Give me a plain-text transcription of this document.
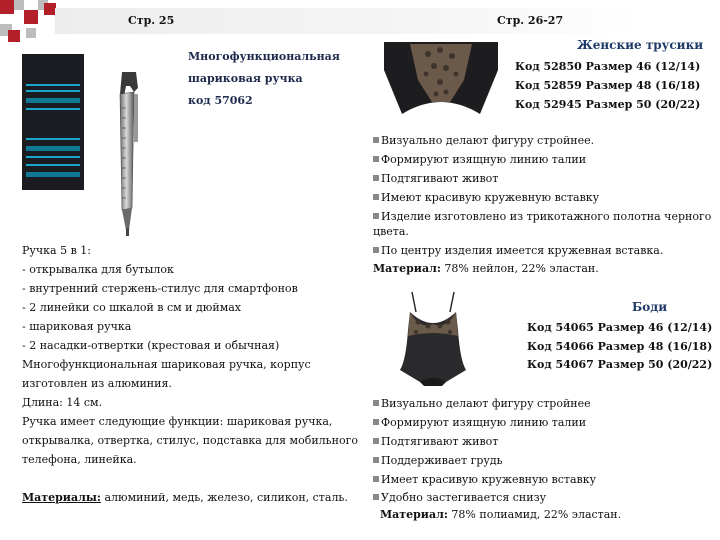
Стр. 25	Стр. 26-27
Многофункциональная
шариковая ручка
код 57062
Ручка 5 в 1:
- открывалка для бутылок
- внутренний стержень-стилус для смартфонов
- 2 линейки со шкалой в см и дюймах
- шариковая ручка
- 2 насадки-отвертки (крестовая и обычная)
Многофункциональная шариковая ручка, корпус
изготовлен из алюминия.
Длина: 14 см.
Ручка имеет следующие функции: шариковая ручка,
открывалка, отвертка, стилус, подставка для мобильного
телефона, линейка.
Материалы: алюминий, медь, железо, силикон, сталь.
Женские трусики
Код 52850 Размер 46 (12/14)
Код 52859 Размер 48 (16/18)
Код 52945 Размер 50 (20/22)
Визуально делают фигуру стройнее.
Формируют изящную линию талии
Подтягивают живот
Имеют красивую кружевную вставку
Изделие изготовлено из трикотажного полотна черного
цвета.
По центру изделия имеется кружевная вставка.
Материал: 78% нейлон, 22% эластан.
Боди
Код 54065 Размер 46 (12/14)
Код 54066 Размер 48 (16/18)
Код 54067 Размер 50 (20/22)
Визуально делают фигуру стройнее
Формируют изящную линию талии
Подтягивают живот
Поддерживает грудь
Имеет красивую кружевную вставку
Удобно застегивается снизу
Материал: 78% полиамид, 22% эластан.
